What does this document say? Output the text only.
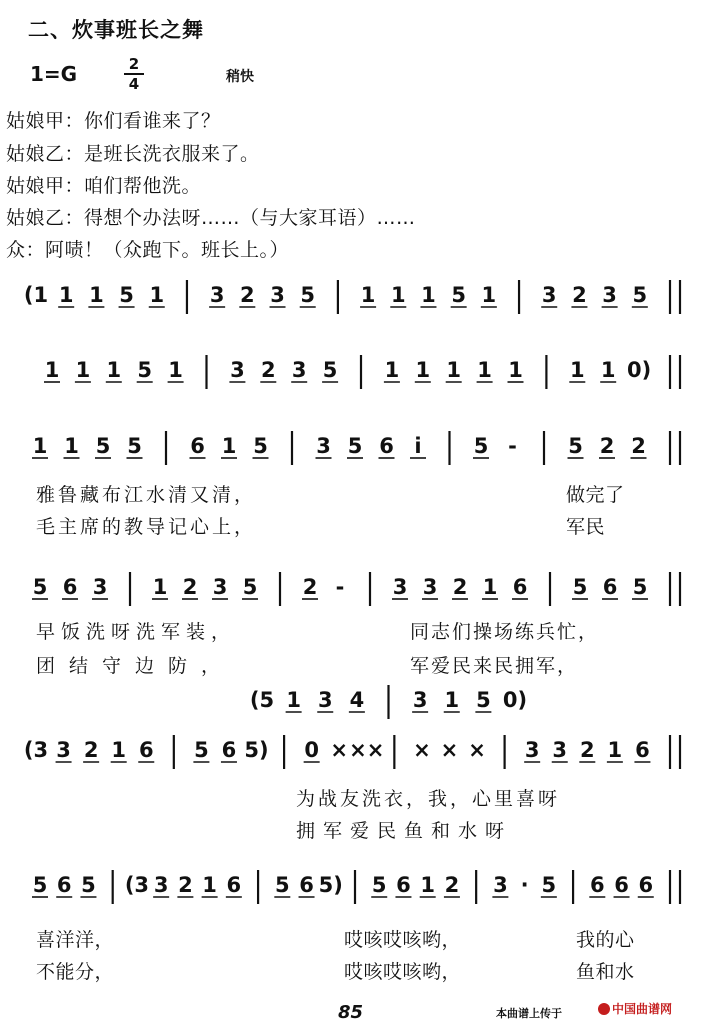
二、炊事班长之舞
1=G	2
4	稍快
姑娘甲：你们看谁来了？
姑娘乙：是班长洗衣服来了。
姑娘甲：咱们帮他洗。
姑娘乙：得想个办法呀……（与大家耳语）……
众：阿啧！（众跑下。班长上。）
(1 1 1 5 1 3 2 3 5 1 1 1 5 1 3 2 3 5
1 1 1 5 1 3 2 3 5 1 1 1 1 1 1 1 0)
1 1 5 5 6 1 5 3 5 6 i 5 - 5 2 2
5 6 3 1 2 3 5 2 - 3 3 2 1 6 5 6 5
(5 1 3 4 3 1 5 0)
(3 3 2 1 6 5 6 5) 0 × ×× × × × 3 3 2 1 6
5 6 5 (3 3 2 1 6 5 6 5) 5 6 1 2 3 · 5 6 6 6
雅鲁藏布江水清又清，	做完了
毛主席的教导记心上，	军民
早饭洗呀洗军装，	同志们操场练兵忙，
团结守边防，	军爱民来民拥军，
为战友洗衣，我，心里喜呀
拥军爱民鱼和水呀
喜洋洋，	哎咳哎咳哟，	我的心
不能分，	哎咳哎咳哟，	鱼和水
85	本曲谱上传于	中国曲谱网
